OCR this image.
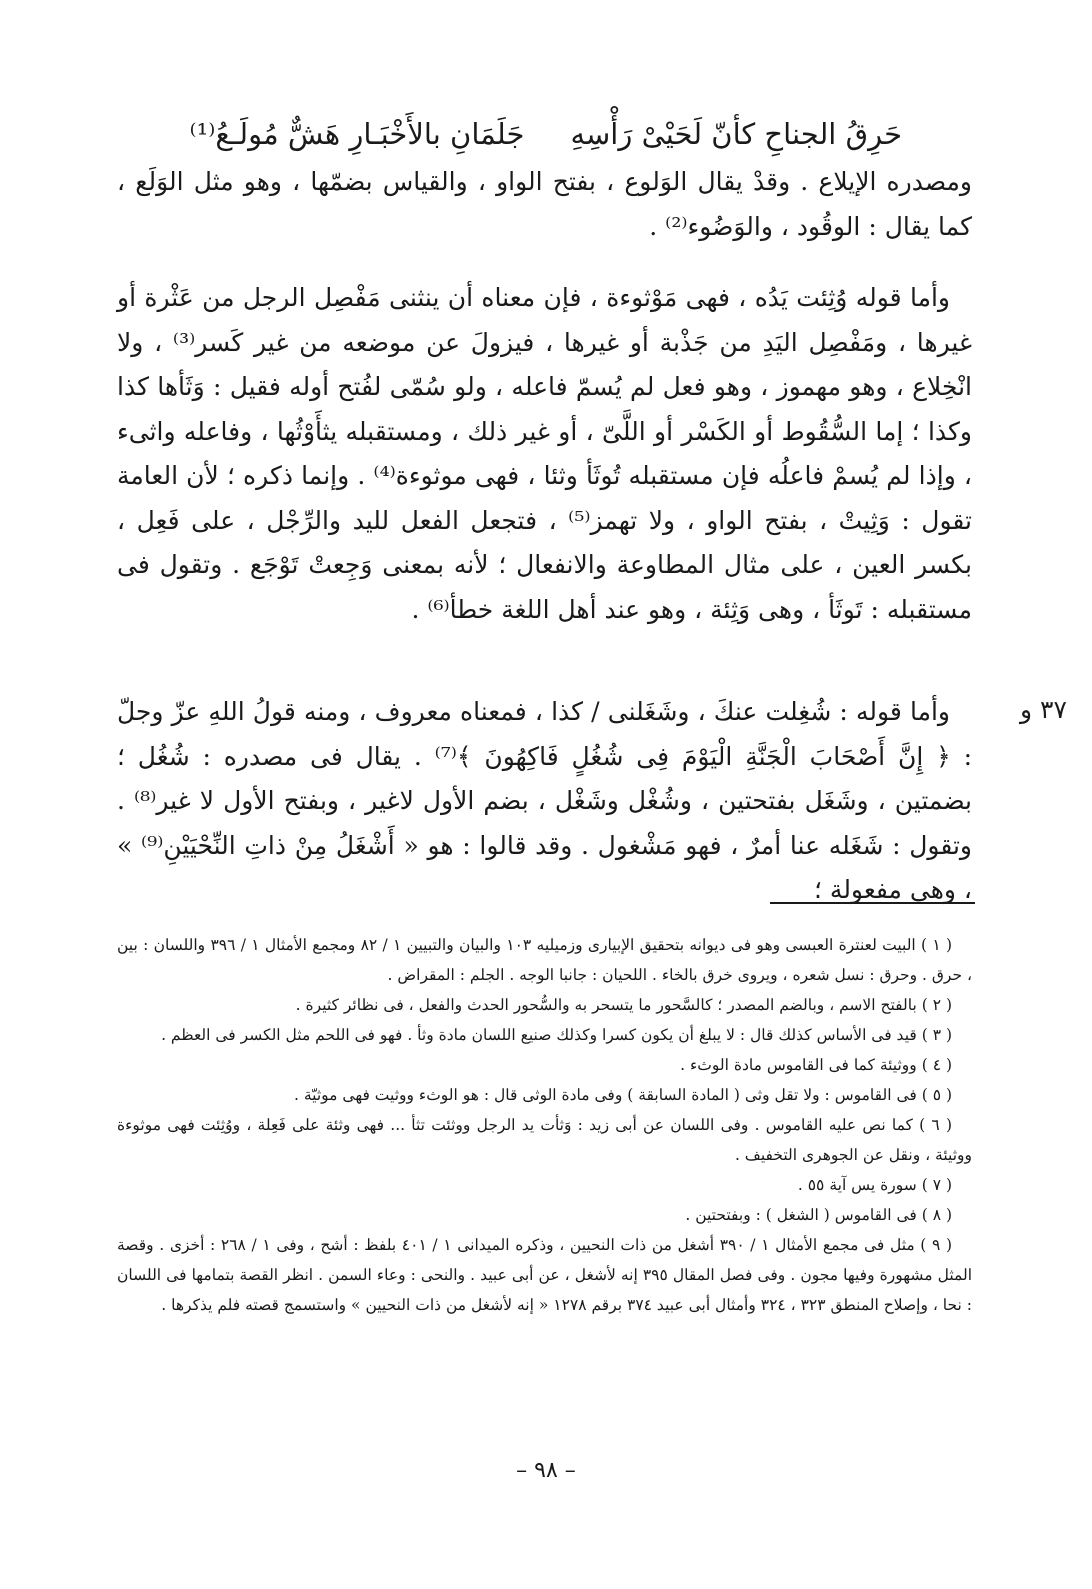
حَرِقُ الجناحِ كأنّ لَحَيْىْ رَأْسِهِ
جَلَمَانِ بالأَخْبَـارِ هَشٌّ مُولَـعُ⁽¹⁾

ومصدره الإيلاع . وقدْ يقال الوَلوع ، بفتح الواو ، والقياس بضمّها ، وهو مثل الوَلَع ، كما يقال : الوقُود ، والوَضُوء⁽²⁾ .

وأما قوله وُثِئت يَدُه ، فهى مَوْثوءة ، فإن معناه أن ينثنى مَفْصِل الرجل من عَثْرة أو غيرها ، ومَفْصِل اليَدِ من جَذْبة أو غيرها ، فيزولَ عن موضعه من غير كَسر⁽³⁾ ، ولا انْخِلاع ، وهو مهموز ، وهو فعل لم يُسمّ فاعله ، ولو سُمّى لفُتح أوله فقيل : وَثَأها كذا وكذا ؛ إما السُّقُوط أو الكَسْر أو اللَّىّ ، أو غير ذلك ، ومستقبله يثأَوْثُها ، وفاعله واثىء ، وإذا لم يُسمْ فاعلُه فإن مستقبله تُوثَأ وثئا ، فهى موثوءة⁽⁴⁾ . وإنما ذكره ؛ لأن العامة تقول : وَثِيتْ ، بفتح الواو ، ولا تهمز⁽⁵⁾ ، فتجعل الفعل لليد والرِّجْل ، على فَعِل ، بكسر العين ، على مثال المطاوعة والانفعال ؛ لأنه بمعنى وَجِعتْ تَوْجَع . وتقول فى مستقبله : تَوثَأ ، وهى وَثِئة ، وهو عند أهل اللغة خطأ⁽⁶⁾ .

٣٧ و

وأما قوله : شُغِلت عنكَ ، وشَغَلنى / كذا ، فمعناه معروف ، ومنه قولُ اللهِ عزّ وجلّ : ﴿ إِنَّ أَصْحَابَ الْجَنَّةِ الْيَوْمَ فِى شُغُلٍ فَاكِهُونَ ﴾⁽⁷⁾ . يقال فى مصدره : شُغُل ؛ بضمتين ، وشَغَل بفتحتين ، وشُغْل وشَغْل ، بضم الأول لاغير ، وبفتح الأول لا غير⁽⁸⁾ . وتقول : شَغَله عنا أمرٌ ، فهو مَشْغول . وقد قالوا : هو « أَشْغَلُ مِنْ ذاتِ النِّحْيَيْنِ⁽⁹⁾ » ، وهى مفعولة ؛

( ١ ) البيت لعنترة العبسى وهو فى ديوانه بتحقيق الإبيارى وزميليه ١٠٣ والبيان والتبيين ١ / ٨٢ ومجمع الأمثال ١ / ٣٩٦ واللسان : بين ، حرق . وحرق : نسل شعره ، ويروى خرق بالخاء . اللحيان : جانبا الوجه . الجلم : المقراض .

( ٢ ) بالفتح الاسم ، وبالضم المصدر ؛ كالسَّحور ما يتسحر به والسُّحور الحدث والفعل ، فى نظائر كثيرة .

( ٣ ) قيد فى الأساس كذلك قال : لا يبلغ أن يكون كسرا وكذلك صنيع اللسان مادة وثأ . فهو فى اللحم مثل الكسر فى العظم .

( ٤ ) ووثيئة كما فى القاموس مادة الوثء .

( ٥ ) فى القاموس : ولا تقل وثى ( المادة السابقة ) وفى مادة الوثى قال : هو الوثء ووثيت فهى موثيّة .

( ٦ ) كما نص عليه القاموس . وفى اللسان عن أبى زيد : وَثأت يد الرجل ووثئت تثأ ... فهى وثئة على فَعِلة ، ووُثِئت فهى موثوءة ووثيئة ، ونقل عن الجوهرى التخفيف .

( ٧ ) سورة يس آية ٥٥ .

( ٨ ) فى القاموس ( الشغل ) : وبفتحتين .

( ٩ ) مثل فى مجمع الأمثال ١ / ٣٩٠ أشغل من ذات النحيين ، وذكره الميدانى ١ / ٤٠١ بلفظ : أشح ، وفى ١ / ٢٦٨ : أخزى . وقصة المثل مشهورة وفيها مجون . وفى فصل المقال ٣٩٥ إنه لأشغل ، عن أبى عبيد . والنحى : وعاء السمن . انظر القصة بتمامها فى اللسان : نحا ، وإصلاح المنطق ٣٢٣ ، ٣٢٤ وأمثال أبى عبيد ٣٧٤ برقم ١٢٧٨ « إنه لأشغل من ذات النحيين » واستسمج قصته فلم يذكرها .

– ٩٨ –
